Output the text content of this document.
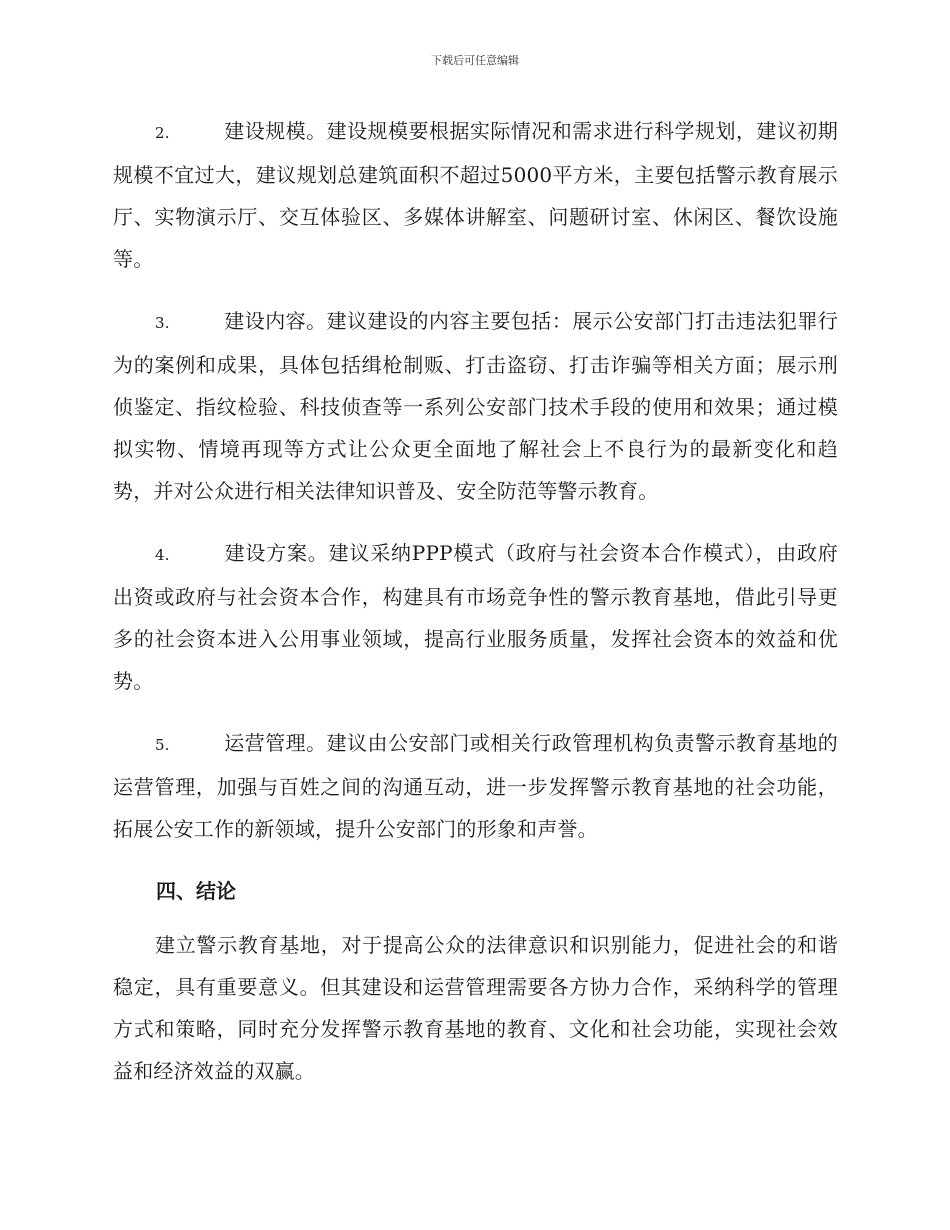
下载后可任意编辑

2.	建设规模。建设规模要根据实际情况和需求进行科学规划，建议初期规模不宜过大，建议规划总建筑面积不超过5000平方米，主要包括警示教育展示厅、实物演示厅、交互体验区、多媒体讲解室、问题研讨室、休闲区、餐饮设施等。

3.	建设内容。建议建设的内容主要包括：展示公安部门打击违法犯罪行为的案例和成果，具体包括缉枪制贩、打击盗窃、打击诈骗等相关方面；展示刑侦鉴定、指纹检验、科技侦查等一系列公安部门技术手段的使用和效果；通过模拟实物、情境再现等方式让公众更全面地了解社会上不良行为的最新变化和趋势，并对公众进行相关法律知识普及、安全防范等警示教育。

4.	建设方案。建议采纳PPP模式（政府与社会资本合作模式），由政府出资或政府与社会资本合作，构建具有市场竞争性的警示教育基地，借此引导更多的社会资本进入公用事业领域，提高行业服务质量，发挥社会资本的效益和优势。

5.	运营管理。建议由公安部门或相关行政管理机构负责警示教育基地的运营管理，加强与百姓之间的沟通互动，进一步发挥警示教育基地的社会功能，拓展公安工作的新领域，提升公安部门的形象和声誉。

四、结论

建立警示教育基地，对于提高公众的法律意识和识别能力，促进社会的和谐稳定，具有重要意义。但其建设和运营管理需要各方协力合作，采纳科学的管理方式和策略，同时充分发挥警示教育基地的教育、文化和社会功能，实现社会效益和经济效益的双赢。
